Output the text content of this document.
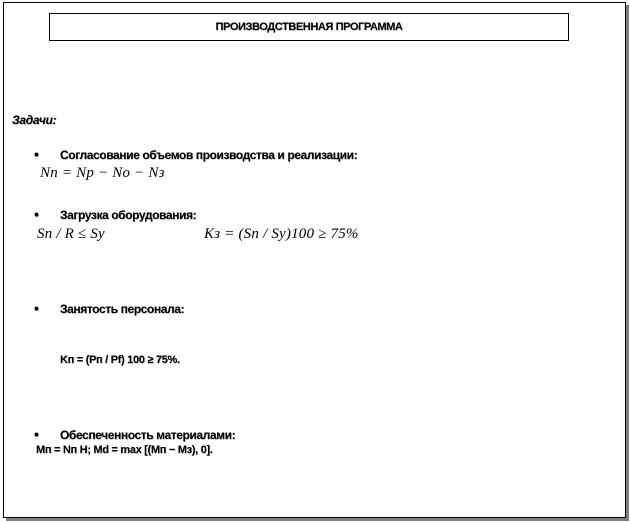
ПРОИЗВОДСТВЕННАЯ ПРОГРАММА
Задачи:
• Согласование объемов производства и реализации:
Nп = Nр − Nо − Nз
• Загрузка оборудования:
Sп / R ≤ Sу	Kз = (Sп / Sу)100 ≥ 75%
• Занятость персонала:
Kп = (Pп / Pf) 100 ≥ 75%.
• Обеспеченность материалами:
Mп = Nп H; Md = max [(Mп − Mз), 0].
